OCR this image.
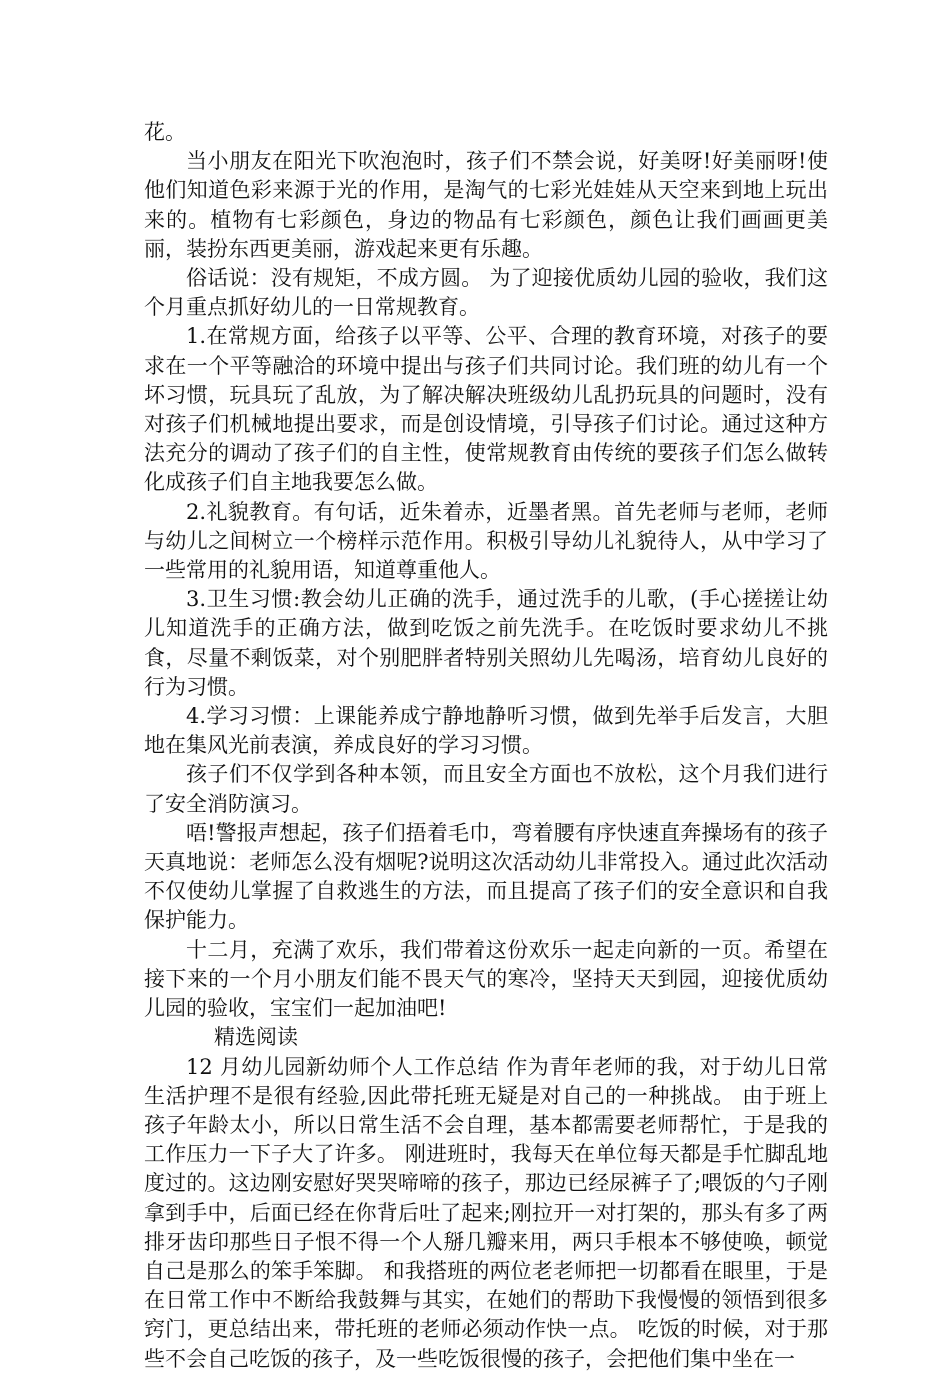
花。

当小朋友在阳光下吹泡泡时，孩子们不禁会说，好美呀!好美丽呀!使他们知道色彩来源于光的作用，是淘气的七彩光娃娃从天空来到地上玩出来的。植物有七彩颜色，身边的物品有七彩颜色，颜色让我们画画更美丽，装扮东西更美丽，游戏起来更有乐趣。

俗话说：没有规矩，不成方圆。 为了迎接优质幼儿园的验收，我们这个月重点抓好幼儿的一日常规教育。

1.在常规方面，给孩子以平等、公平、合理的教育环境，对孩子的要求在一个平等融洽的环境中提出与孩子们共同讨论。我们班的幼儿有一个坏习惯，玩具玩了乱放，为了解决解决班级幼儿乱扔玩具的问题时，没有对孩子们机械地提出要求，而是创设情境，引导孩子们讨论。通过这种方法充分的调动了孩子们的自主性，使常规教育由传统的要孩子们怎么做转化成孩子们自主地我要怎么做。

2.礼貌教育。有句话，近朱着赤，近墨者黑。首先老师与老师，老师与幼儿之间树立一个榜样示范作用。积极引导幼儿礼貌待人，从中学习了一些常用的礼貌用语，知道尊重他人。

3.卫生习惯:教会幼儿正确的洗手，通过洗手的儿歌，(手心搓搓让幼儿知道洗手的正确方法，做到吃饭之前先洗手。在吃饭时要求幼儿不挑食，尽量不剩饭菜，对个别肥胖者特别关照幼儿先喝汤，培育幼儿良好的行为习惯。

4.学习习惯：上课能养成宁静地静听习惯，做到先举手后发言，大胆地在集风光前表演，养成良好的学习习惯。

孩子们不仅学到各种本领，而且安全方面也不放松，这个月我们进行了安全消防演习。

唔!警报声想起，孩子们捂着毛巾，弯着腰有序快速直奔操场有的孩子天真地说：老师怎么没有烟呢?说明这次活动幼儿非常投入。通过此次活动不仅使幼儿掌握了自救逃生的方法，而且提高了孩子们的安全意识和自我保护能力。

十二月，充满了欢乐，我们带着这份欢乐一起走向新的一页。希望在接下来的一个月小朋友们能不畏天气的寒冷，坚持天天到园，迎接优质幼儿园的验收，宝宝们一起加油吧!

精选阅读

12 月幼儿园新幼师个人工作总结 作为青年老师的我，对于幼儿日常生活护理不是很有经验,因此带托班无疑是对自己的一种挑战。 由于班上孩子年龄太小，所以日常生活不会自理，基本都需要老师帮忙，于是我的工作压力一下子大了许多。 刚进班时，我每天在单位每天都是手忙脚乱地度过的。这边刚安慰好哭哭啼啼的孩子，那边已经尿裤子了;喂饭的勺子刚拿到手中，后面已经在你背后吐了起来;刚拉开一对打架的，那头有多了两排牙齿印那些日子恨不得一个人掰几瓣来用，两只手根本不够使唤，顿觉自己是那么的笨手笨脚。 和我搭班的两位老老师把一切都看在眼里，于是在日常工作中不断给我鼓舞与其实，在她们的帮助下我慢慢的领悟到很多窍门，更总结出来，带托班的老师必须动作快一点。 吃饭的时候，对于那些不会自己吃饭的孩子，及一些吃饭很慢的孩子，会把他们集中坐在一
